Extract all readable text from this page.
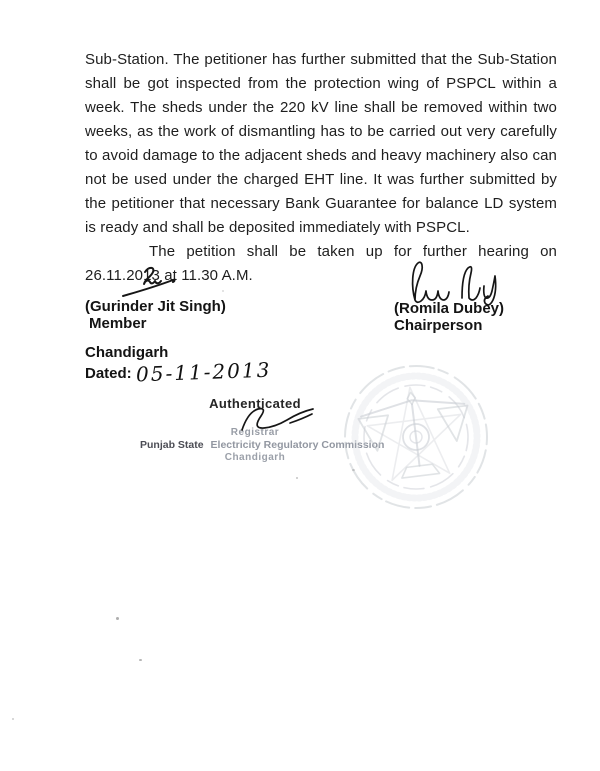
Sub-Station. The petitioner has further submitted that the Sub-Station shall be got inspected from the protection wing of PSPCL within a week. The sheds under the 220 kV line shall be removed within two weeks, as the work of dismantling has to be carried out very carefully to avoid damage to the adjacent sheds and heavy machinery also can not be used under the charged EHT line. It was further submitted by the petitioner that necessary Bank Guarantee for balance LD system is ready and shall be deposited immediately with PSPCL.

The petition shall be taken up for further hearing on 26.11.2013 at 11.30 A.M.

(Gurinder Jit Singh)
Member
(Romila Dubey)
Chairperson
Chandigarh
Dated: 05-11-2013
Authenticated
Registrar
Punjab State Electricity Regulatory Commission
Chandigarh
